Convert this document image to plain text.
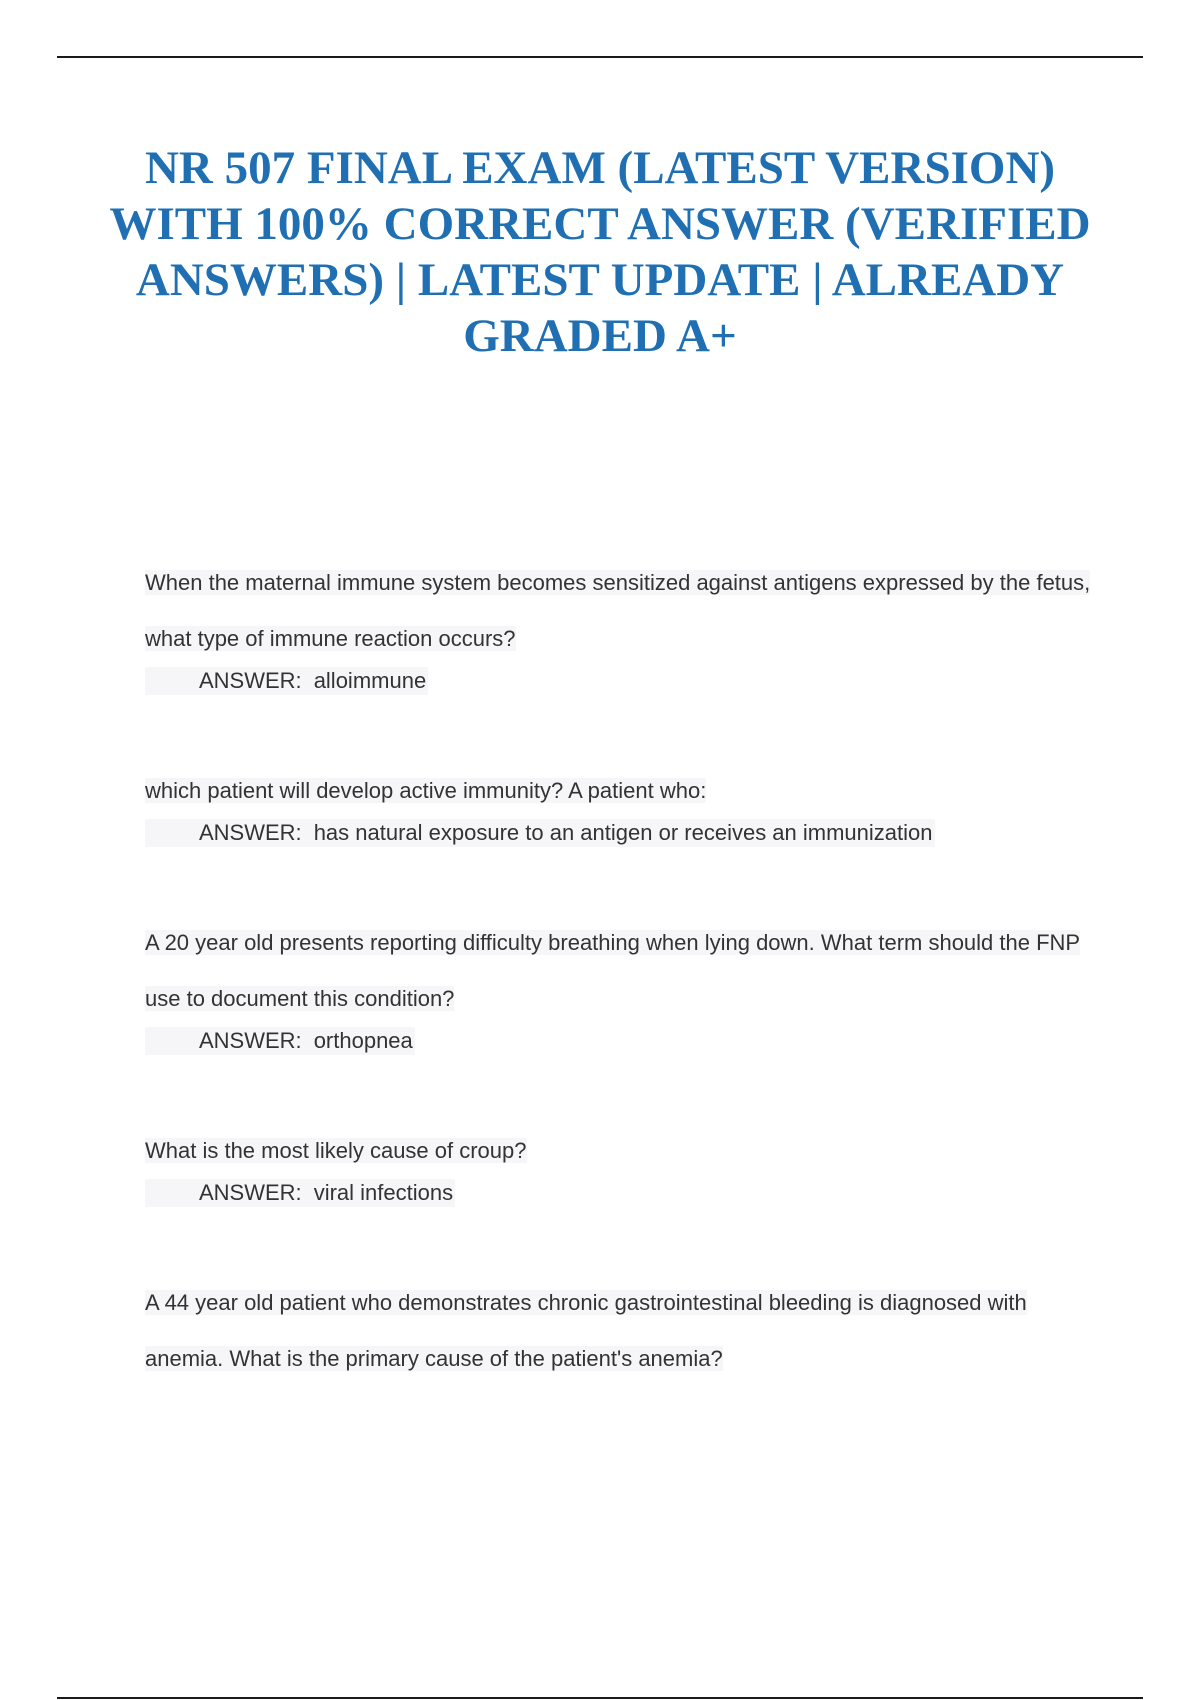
NR 507 FINAL EXAM (LATEST VERSION) WITH 100% CORRECT ANSWER (VERIFIED ANSWERS) | LATEST UPDATE | ALREADY GRADED A+
When the maternal immune system becomes sensitized against antigens expressed by the fetus, what type of immune reaction occurs?
ANSWER: alloimmune
which patient will develop active immunity? A patient who:
ANSWER: has natural exposure to an antigen or receives an immunization
A 20 year old presents reporting difficulty breathing when lying down. What term should the FNP use to document this condition?
ANSWER: orthopnea
What is the most likely cause of croup?
ANSWER: viral infections
A 44 year old patient who demonstrates chronic gastrointestinal bleeding is diagnosed with anemia. What is the primary cause of the patient's anemia?
